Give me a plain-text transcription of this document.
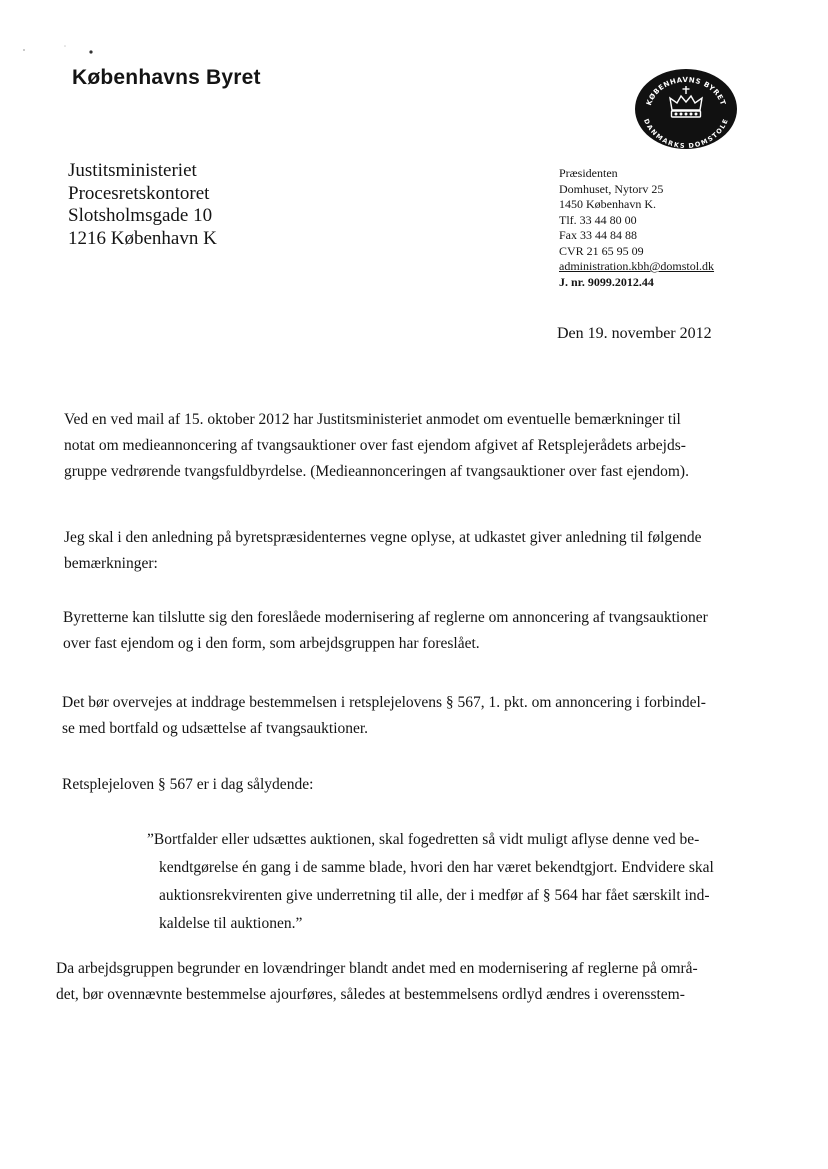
Københavns Byret
KØBENHAVNS BYRET
DANMARKS DOMSTOLE
Justitsministeriet
Procesretskontoret
Slotsholmsgade 10
1216 København K
Præsidenten
Domhuset, Nytorv 25
1450 København K.
Tlf. 33 44 80 00
Fax 33 44 84 88
CVR 21 65 95 09
administration.kbh@domstol.dk
J. nr. 9099.2012.44
Den 19. november 2012
Ved en ved mail af 15. oktober 2012 har Justitsministeriet anmodet om eventuelle bemærkninger til
notat om medieannoncering af tvangsauktioner over fast ejendom afgivet af Retsplejerådets arbejds-
gruppe vedrørende tvangsfuldbyrdelse. (Medieannonceringen af tvangsauktioner over fast ejendom).
Jeg skal i den anledning på byretspræsidenternes vegne oplyse, at udkastet giver anledning til følgende
bemærkninger:
Byretterne kan tilslutte sig den foreslåede modernisering af reglerne om annoncering af tvangsauktioner
over fast ejendom og i den form, som arbejdsgruppen har foreslået.
Det bør overvejes at inddrage bestemmelsen i retsplejelovens § 567, 1. pkt. om annoncering i forbindel-
se med bortfald og udsættelse af tvangsauktioner.
Retsplejeloven § 567 er i dag sålydende:
”Bortfalder eller udsættes auktionen, skal fogedretten så vidt muligt aflyse denne ved be-
kendtgørelse én gang i de samme blade, hvori den har været bekendtgjort. Endvidere skal
auktionsrekvirenten give underretning til alle, der i medfør af § 564 har fået særskilt ind-
kaldelse til auktionen.”
Da arbejdsgruppen begrunder en lovændringer blandt andet med en modernisering af reglerne på områ-
det, bør ovennævnte bestemmelse ajourføres, således at bestemmelsens ordlyd ændres i overensstem-
